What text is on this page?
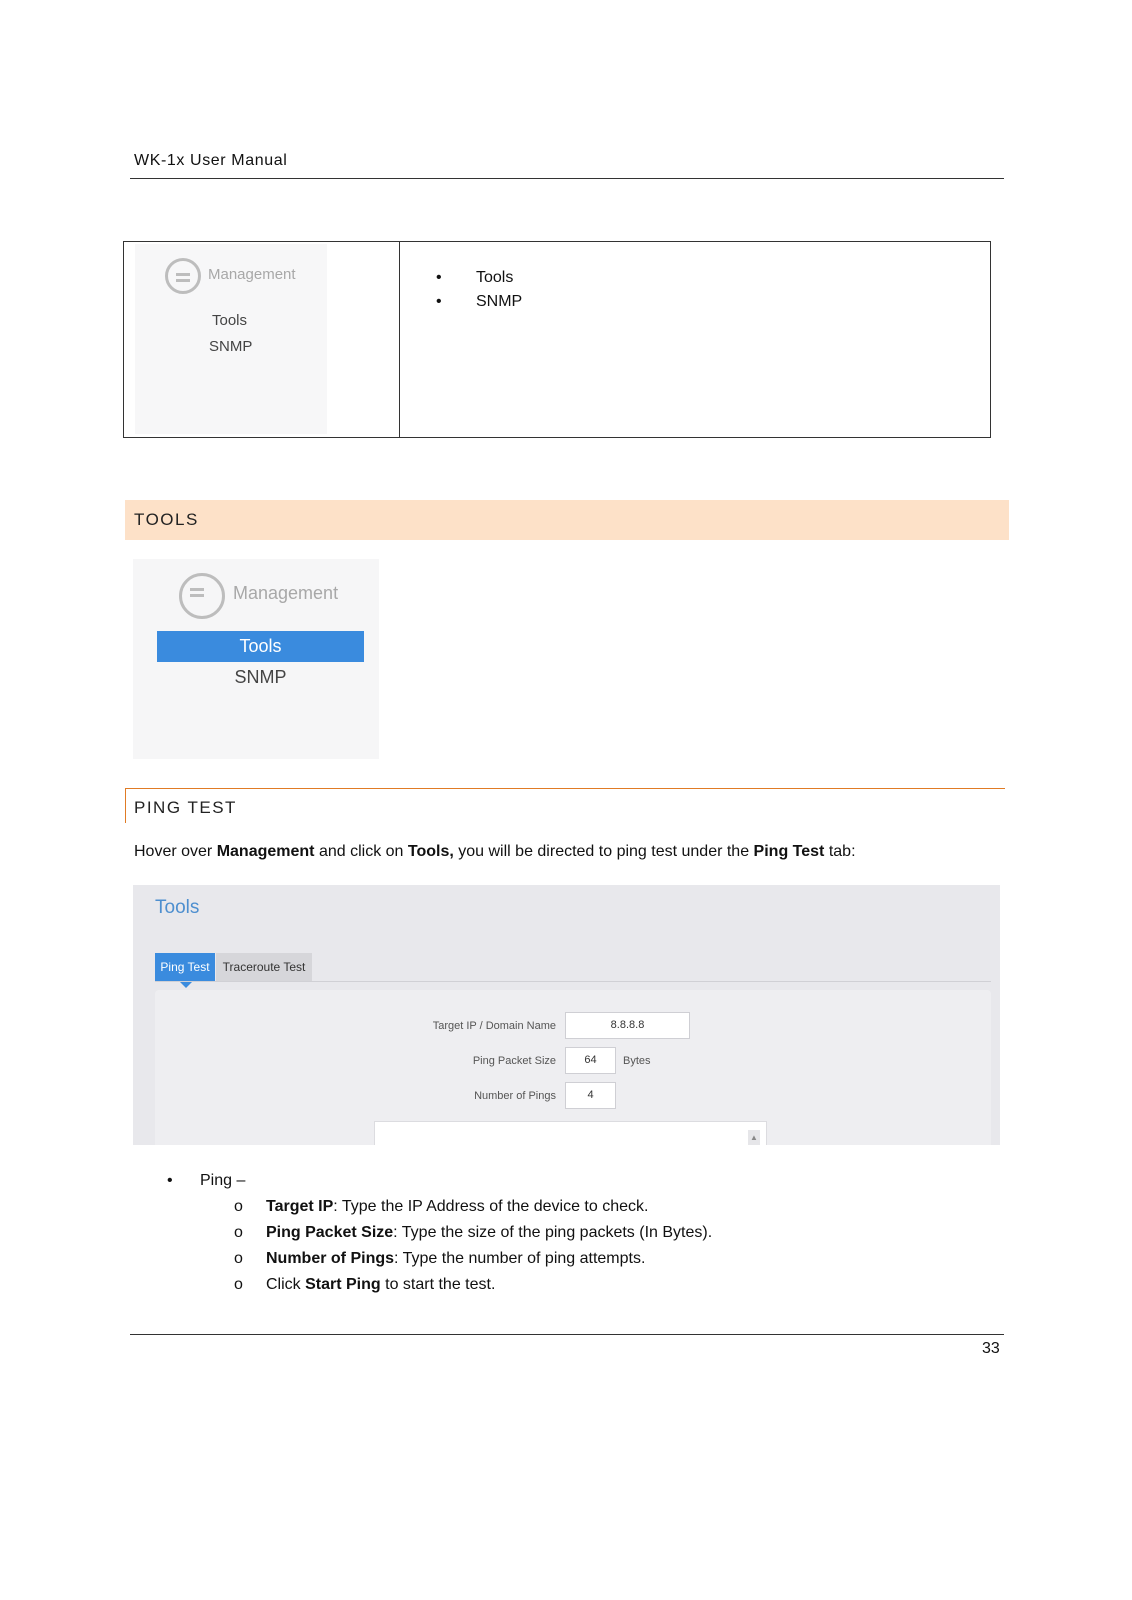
WK-1x User Manual
Management
Tools
SNMP
• Tools
• SNMP
TOOLS
Management
Tools
SNMP
PING TEST
Hover over Management and click on Tools, you will be directed to ping test under the Ping Test tab:
Tools
Ping Test	Traceroute Test
Target IP / Domain Name	8.8.8.8
Ping Packet Size	64	Bytes
Number of Pings	4
▲
• Ping –
o Target IP: Type the IP Address of the device to check.
o Ping Packet Size: Type the size of the ping packets (In Bytes).
o Number of Pings: Type the number of ping attempts.
o Click Start Ping to start the test.
33
